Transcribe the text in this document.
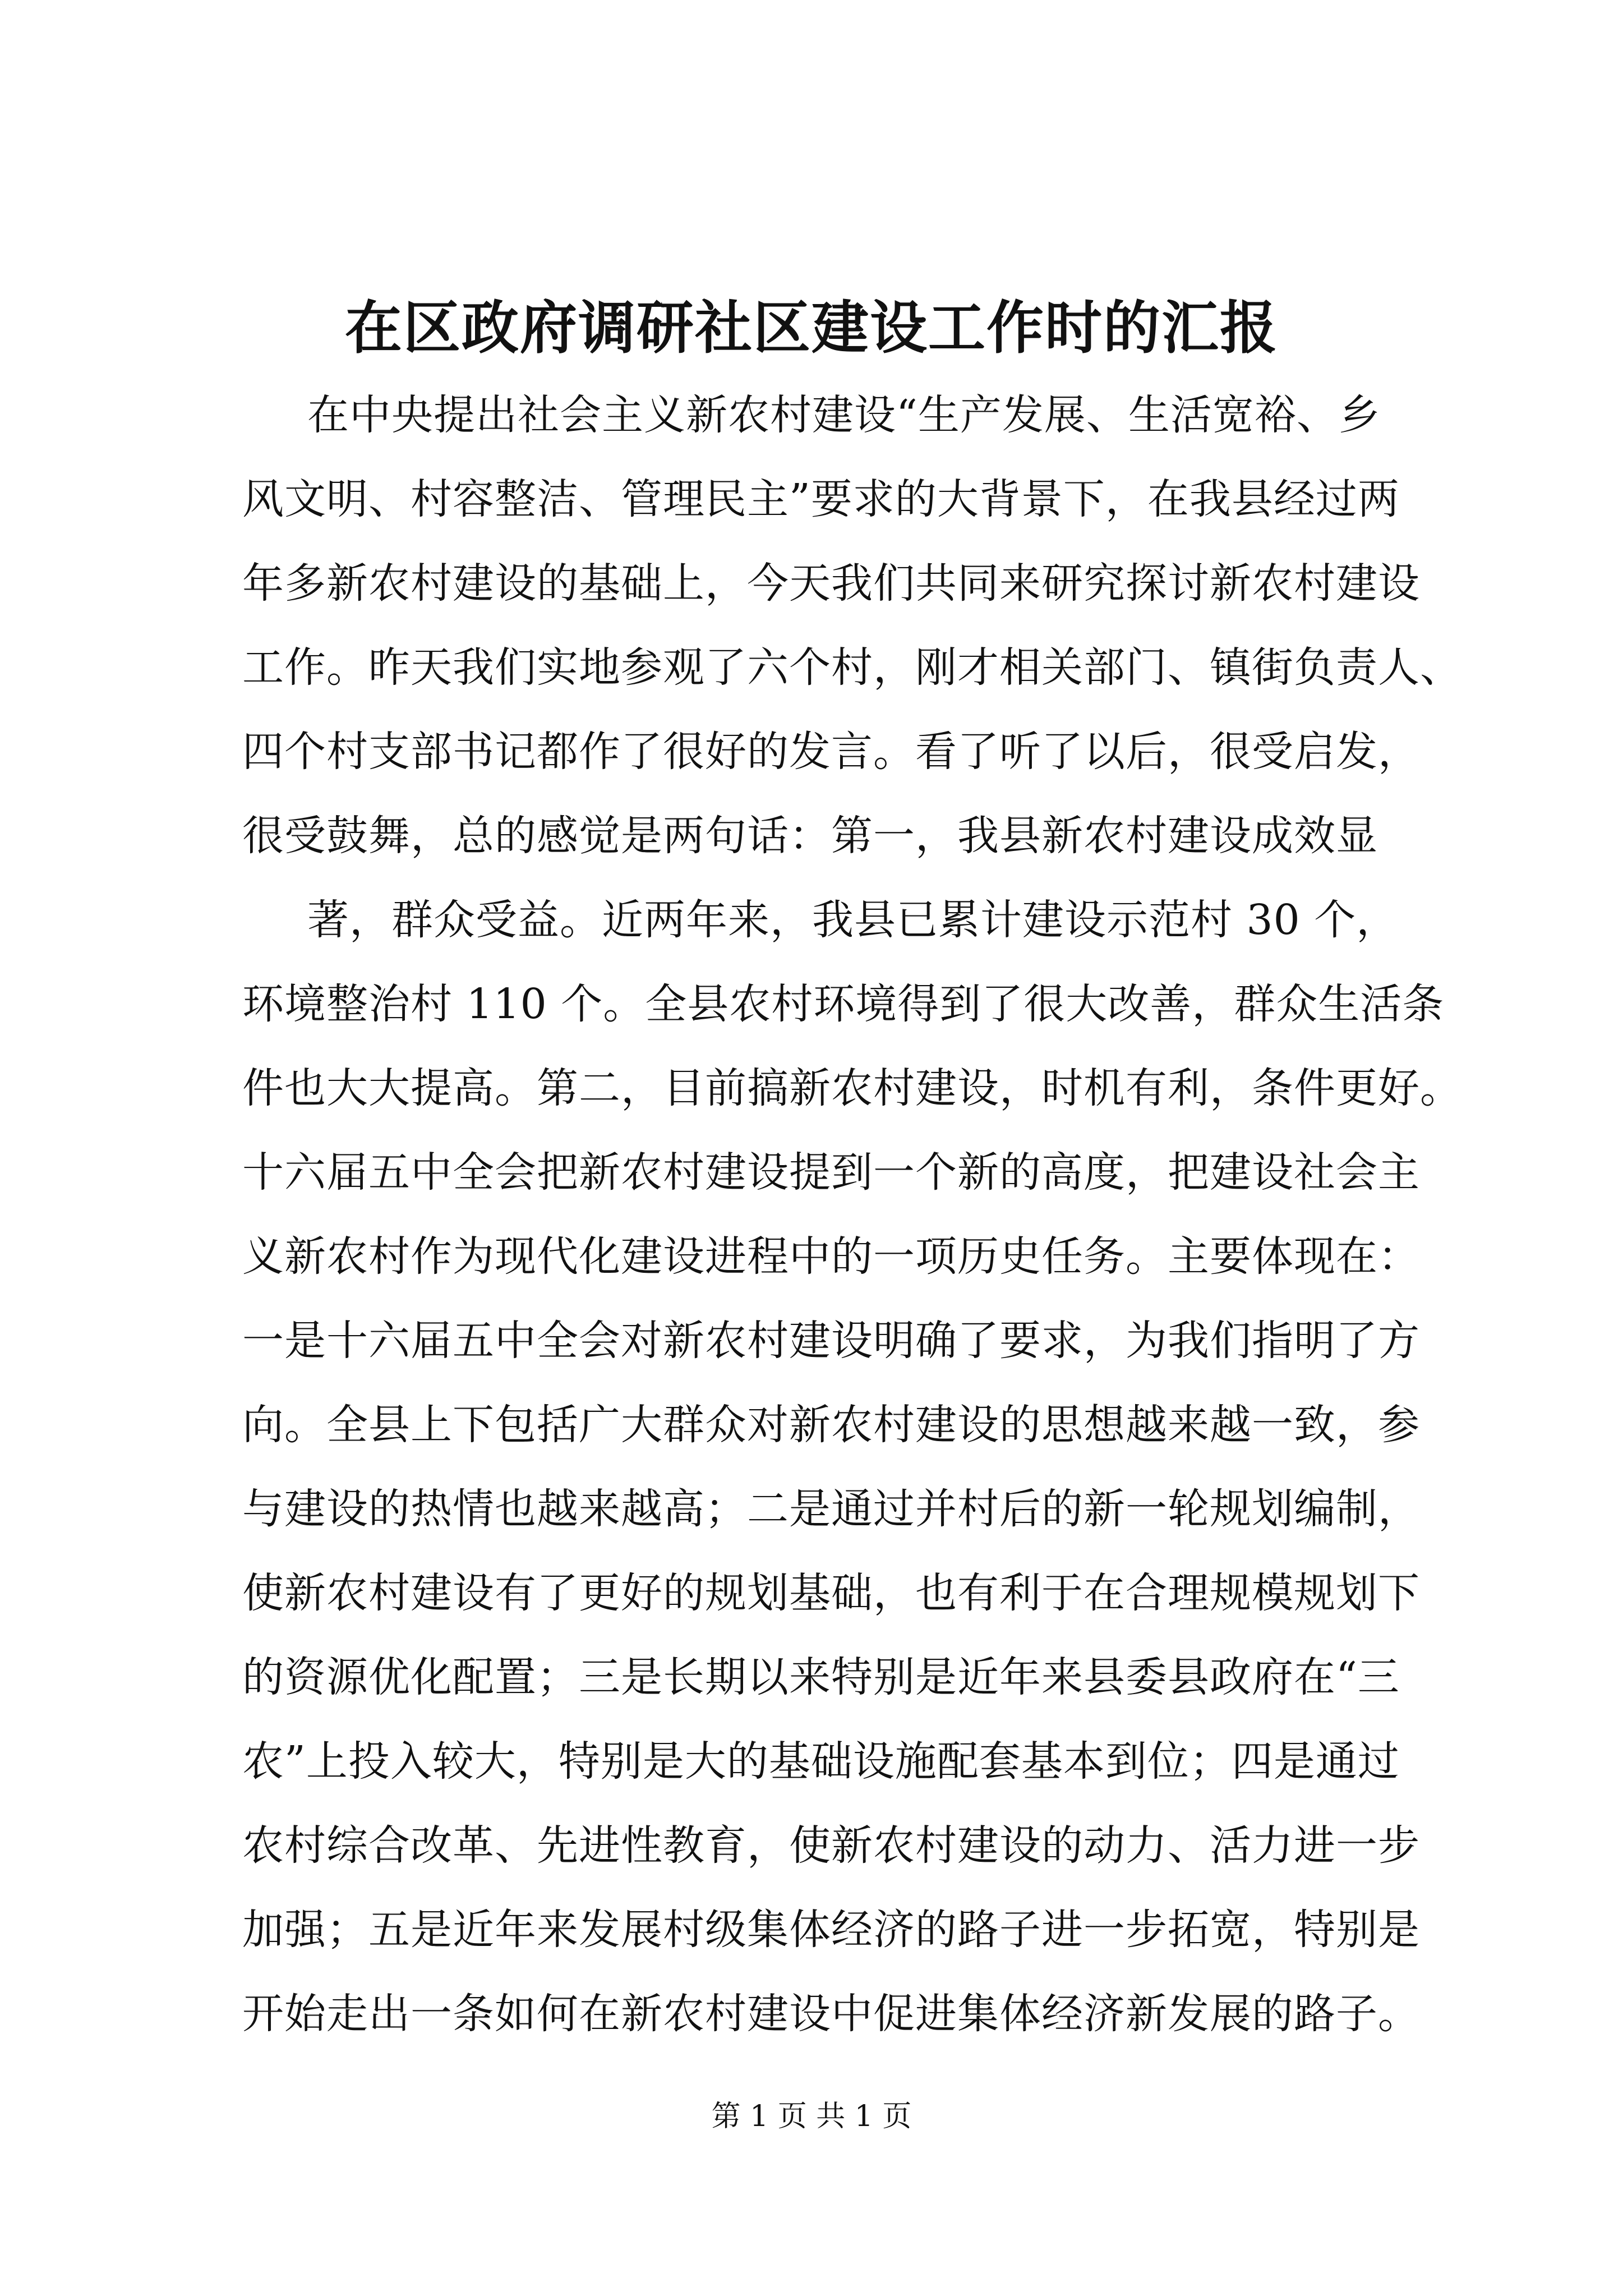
在区政府调研社区建设工作时的汇报
在中央提出社会主义新农村建设“生产发展、生活宽裕、乡
风文明、村容整洁、管理民主”要求的大背景下，在我县经过两
年多新农村建设的基础上，今天我们共同来研究探讨新农村建设
工作。昨天我们实地参观了六个村，刚才相关部门、镇街负责人、
四个村支部书记都作了很好的发言。看了听了以后，很受启发，
很受鼓舞，总的感觉是两句话：第一，我县新农村建设成效显
著，群众受益。近两年来，我县已累计建设示范村 30 个，
环境整治村 110 个。全县农村环境得到了很大改善，群众生活条
件也大大提高。第二，目前搞新农村建设，时机有利，条件更好。
十六届五中全会把新农村建设提到一个新的高度，把建设社会主
义新农村作为现代化建设进程中的一项历史任务。主要体现在：
一是十六届五中全会对新农村建设明确了要求，为我们指明了方
向。全县上下包括广大群众对新农村建设的思想越来越一致，参
与建设的热情也越来越高；二是通过并村后的新一轮规划编制，
使新农村建设有了更好的规划基础，也有利于在合理规模规划下
的资源优化配置；三是长期以来特别是近年来县委县政府在“三
农”上投入较大，特别是大的基础设施配套基本到位；四是通过
农村综合改革、先进性教育，使新农村建设的动力、活力进一步
加强；五是近年来发展村级集体经济的路子进一步拓宽，特别是
开始走出一条如何在新农村建设中促进集体经济新发展的路子。
第 1 页 共 1 页
